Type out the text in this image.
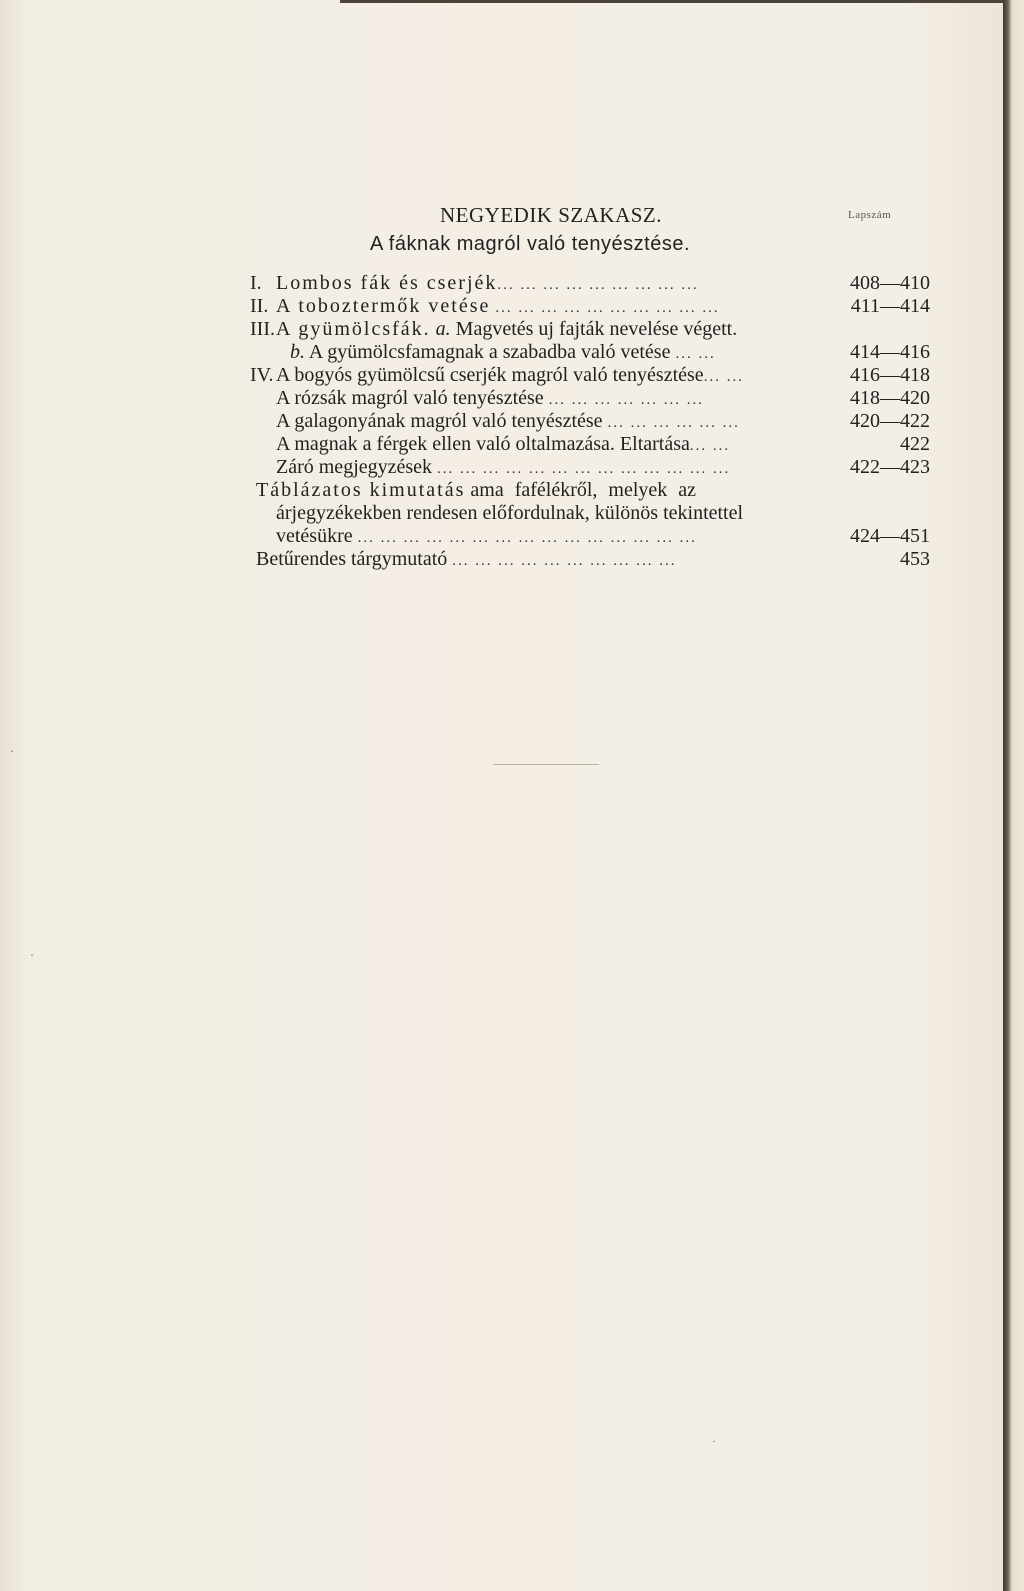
NEGYEDIK SZAKASZ.	Lapszám
A fáknak magról való tenyésztése.
I. Lombos fák és cserjék... ... ... ... ... ... ... ... ...	408—410
II. A toboztermők vetése ... ... ... ... ... ... ... ... ... ...	411—414
III. A gyümölcsfák. a. Magvetés uj fajták nevelése végett.
b. A gyümölcsfamagnak a szabadba való vetése ... ...	414—416
IV. A bogyós gyümölcsű cserjék magról való tenyésztése... ...	416—418
A rózsák magról való tenyésztése ... ... ... ... ... ... ...	418—420
A galagonyának magról való tenyésztése ... ... ... ... ... ...	420—422
A magnak a férgek ellen való oltalmazása. Eltartása... ...	422
Záró megjegyzések ... ... ... ... ... ... ... ... ... ... ... ... ...	422—423
Táblázatos kimutatás ama fafélékről, melyek az
árjegyzékekben rendesen előfordulnak, különös tekintettel
vetésükre ... ... ... ... ... ... ... ... ... ... ... ... ... ... ...	424—451
Betűrendes tárgymutató ... ... ... ... ... ... ... ... ... ...	453
·
·
·
